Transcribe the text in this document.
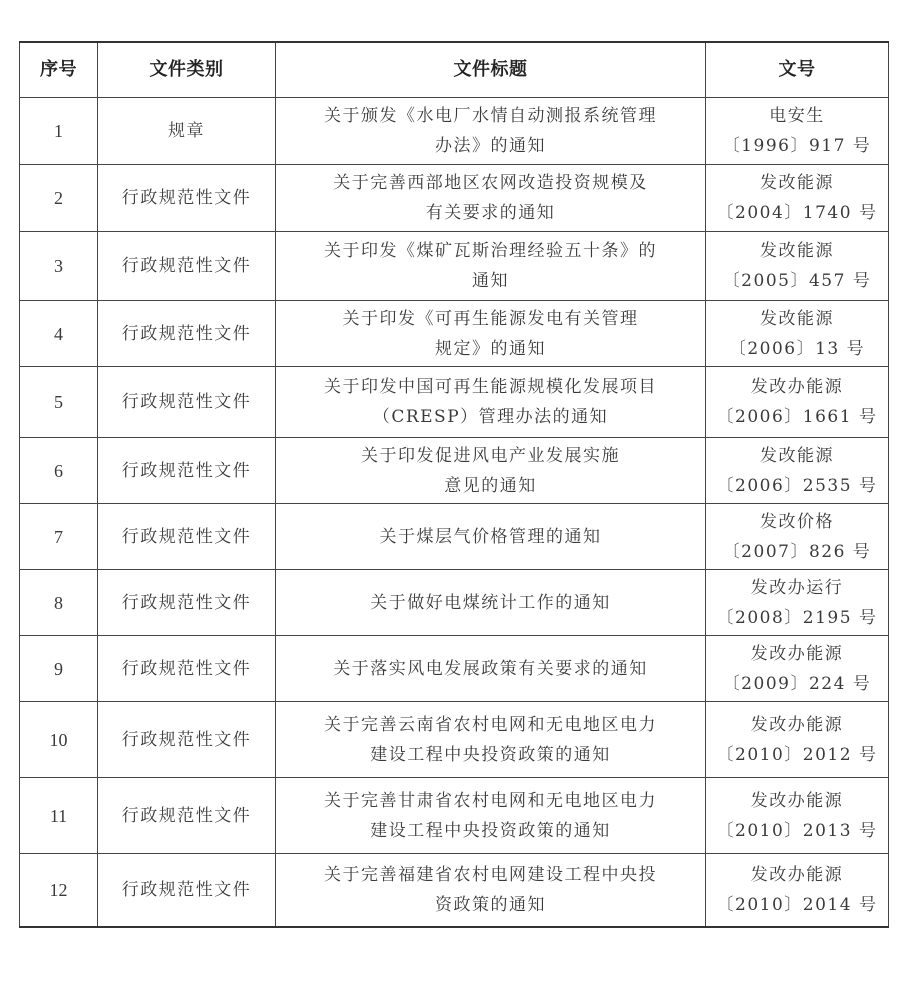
序号	文件类别	文件标题	文号
1	规章	关于颁发《水电厂水情自动测报系统管理
办法》的通知	电安生
〔1996〕917 号

2	行政规范性文件	关于完善西部地区农网改造投资规模及
有关要求的通知	发改能源
〔2004〕1740 号

3	行政规范性文件	关于印发《煤矿瓦斯治理经验五十条》的
通知	发改能源
〔2005〕457 号

4	行政规范性文件	关于印发《可再生能源发电有关管理
规定》的通知	发改能源
〔2006〕13 号

5	行政规范性文件	关于印发中国可再生能源规模化发展项目
（CRESP）管理办法的通知	发改办能源
〔2006〕1661 号

6	行政规范性文件	关于印发促进风电产业发展实施
意见的通知	发改能源
〔2006〕2535 号

7	行政规范性文件	关于煤层气价格管理的通知	发改价格
〔2007〕826 号

8	行政规范性文件	关于做好电煤统计工作的通知	发改办运行
〔2008〕2195 号

9	行政规范性文件	关于落实风电发展政策有关要求的通知	发改办能源
〔2009〕224 号

10	行政规范性文件	关于完善云南省农村电网和无电地区电力
建设工程中央投资政策的通知	发改办能源
〔2010〕2012 号

11	行政规范性文件	关于完善甘肃省农村电网和无电地区电力
建设工程中央投资政策的通知	发改办能源
〔2010〕2013 号

12	行政规范性文件	关于完善福建省农村电网建设工程中央投
资政策的通知	发改办能源
〔2010〕2014 号
